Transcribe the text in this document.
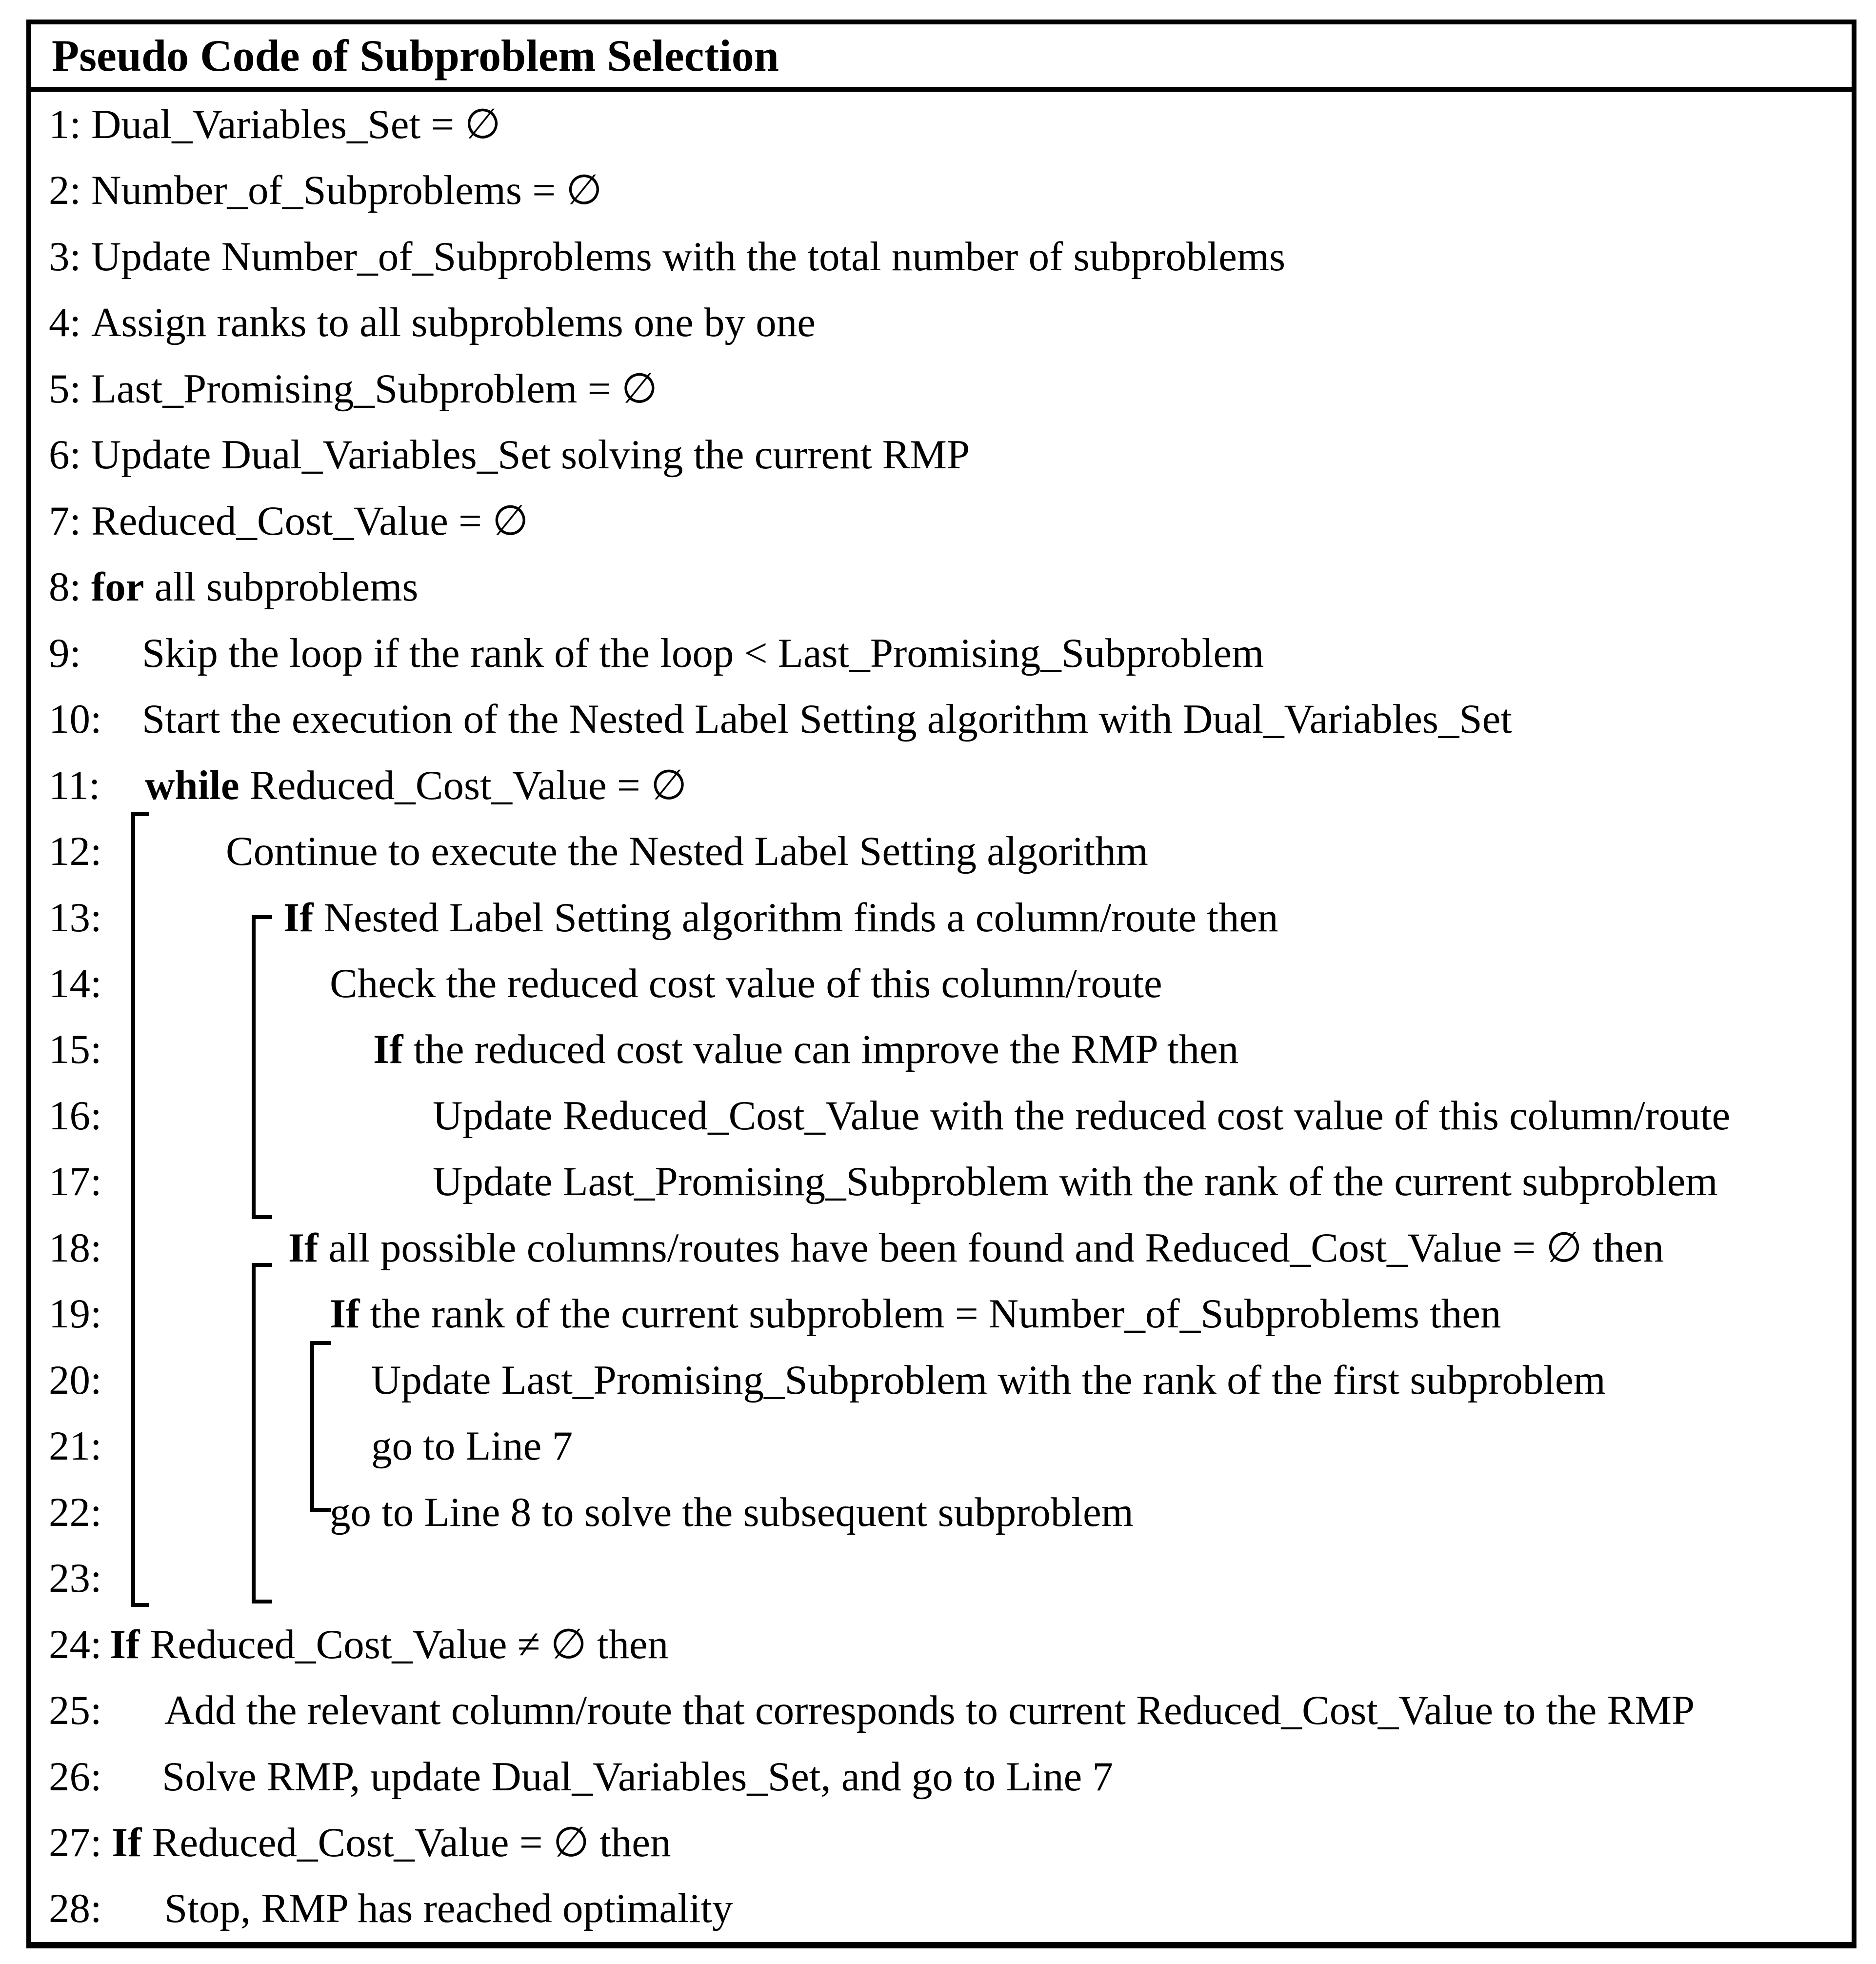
Pseudo Code of Subproblem Selection
1: Dual_Variables_Set = ∅
2: Number_of_Subproblems = ∅
3: Update Number_of_Subproblems with the total number of subproblems
4: Assign ranks to all subproblems one by one
5: Last_Promising_Subproblem = ∅
6: Update Dual_Variables_Set solving the current RMP
7: Reduced_Cost_Value = ∅
8: for all subproblems
9: Skip the loop if the rank of the loop < Last_Promising_Subproblem
10: Start the execution of the Nested Label Setting algorithm with Dual_Variables_Set
11: while Reduced_Cost_Value = ∅
12:	Continue to execute the Nested Label Setting algorithm
13:	If Nested Label Setting algorithm finds a column/route then
14:	Check the reduced cost value of this column/route
15:	If the reduced cost value can improve the RMP then
16:	Update Reduced_Cost_Value with the reduced cost value of this column/route
17:	Update Last_Promising_Subproblem with the rank of the current subproblem
18:	If all possible columns/routes have been found and Reduced_Cost_Value = ∅ then
19:	If the rank of the current subproblem = Number_of_Subproblems then
20:	Update Last_Promising_Subproblem with the rank of the first subproblem
21:	go to Line 7
22:	go to Line 8 to solve the subsequent subproblem
23:
24: If Reduced_Cost_Value ≠ ∅ then
25: Add the relevant column/route that corresponds to current Reduced_Cost_Value to the RMP
26: Solve RMP, update Dual_Variables_Set, and go to Line 7
27: If Reduced_Cost_Value = ∅ then
28: Stop, RMP has reached optimality
